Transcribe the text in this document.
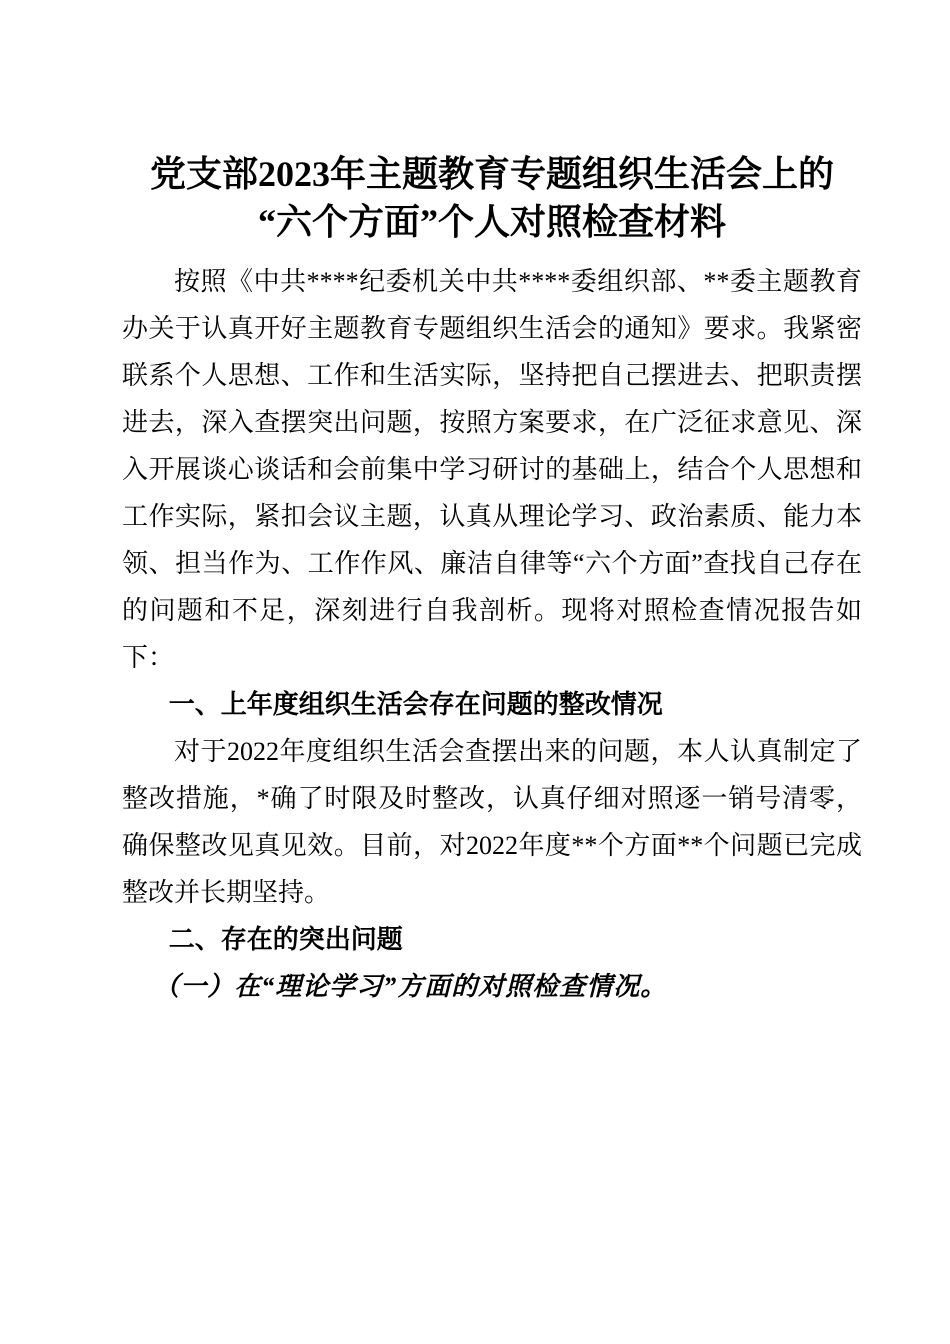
党支部2023年主题教育专题组织生活会上的
“六个方面”个人对照检查材料

按照《中共****纪委机关中共****委组织部、**委主题教育办关于认真开好主题教育专题组织生活会的通知》要求。我紧密联系个人思想、工作和生活实际，坚持把自己摆进去、把职责摆进去，深入查摆突出问题，按照方案要求，在广泛征求意见、深入开展谈心谈话和会前集中学习研讨的基础上，结合个人思想和工作实际，紧扣会议主题，认真从理论学习、政治素质、能力本领、担当作为、工作作风、廉洁自律等“六个方面”查找自己存在的问题和不足，深刻进行自我剖析。现将对照检查情况报告如下：

一、上年度组织生活会存在问题的整改情况

对于2022年度组织生活会查摆出来的问题，本人认真制定了整改措施，*确了时限及时整改，认真仔细对照逐一销号清零，确保整改见真见效。目前，对2022年度**个方面**个问题已完成整改并长期坚持。

二、存在的突出问题

（一）在“理论学习”方面的对照检查情况。
